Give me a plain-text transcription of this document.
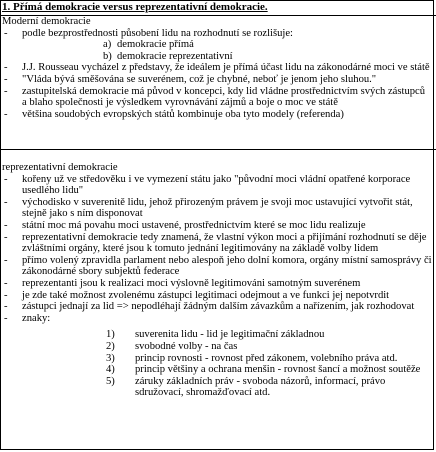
1. Přímá demokracie versus reprezentativní demokracie.
Moderní demokracie
- podle bezprostřednosti působení lidu na rozhodnutí se rozlišuje:
a) demokracie přímá
b) demokracie reprezentativní
- J.J. Rousseau vycházel z představy, že ideálem je přímá účast lidu na zákonodárné moci ve státě
- "Vláda bývá směšována se suverénem, což je chybné, neboť je jenom jeho sluhou."
- zastupitelská demokracie má původ v koncepci, kdy lid vládne prostřednictvím svých zástupců a blaho společnosti je výsledkem vyrovnávání zájmů a boje o moc ve státě
- většina soudobých evropských států kombinuje oba tyto modely (referenda)
reprezentativní demokracie
- kořeny už ve středověku i ve vymezení státu jako "původní moci vládní opatřené korporace usedlého lidu"
- východisko v suverenitě lidu, jehož přirozeným právem je svoji moc ustavující vytvořit stát, stejně jako s ním disponovat
- státní moc má povahu moci ustavené, prostřednictvím které se moc lidu realizuje
- reprezentativní demokracie tedy znamená, že vlastní výkon moci a přijímání rozhodnutí se děje zvláštními orgány, které jsou k tomuto jednání legitimovány na základě volby lidem
- přímo volený zpravidla parlament nebo alespoň jeho dolní komora, orgány místní samosprávy či zákonodárné sbory subjektů federace
- reprezentanti jsou k realizaci moci výslovně legitimováni samotným suverénem
- je zde také možnost zvolenému zástupci legitimaci odejmout a ve funkci jej nepotvrdit
- zástupci jednají za lid => nepodléhají žádným dalším závazkům a nařízením, jak rozhodovat
- znaky:
1) suverenita lidu - lid je legitimační základnou
2) svobodné volby - na čas
3) princip rovnosti - rovnost před zákonem, volebního práva atd.
4) princip většiny a ochrana menšin - rovnost šancí a možnost soutěže
5) záruky základních práv - svoboda názorů, informací, právo sdružovací, shromažďovací atd.
